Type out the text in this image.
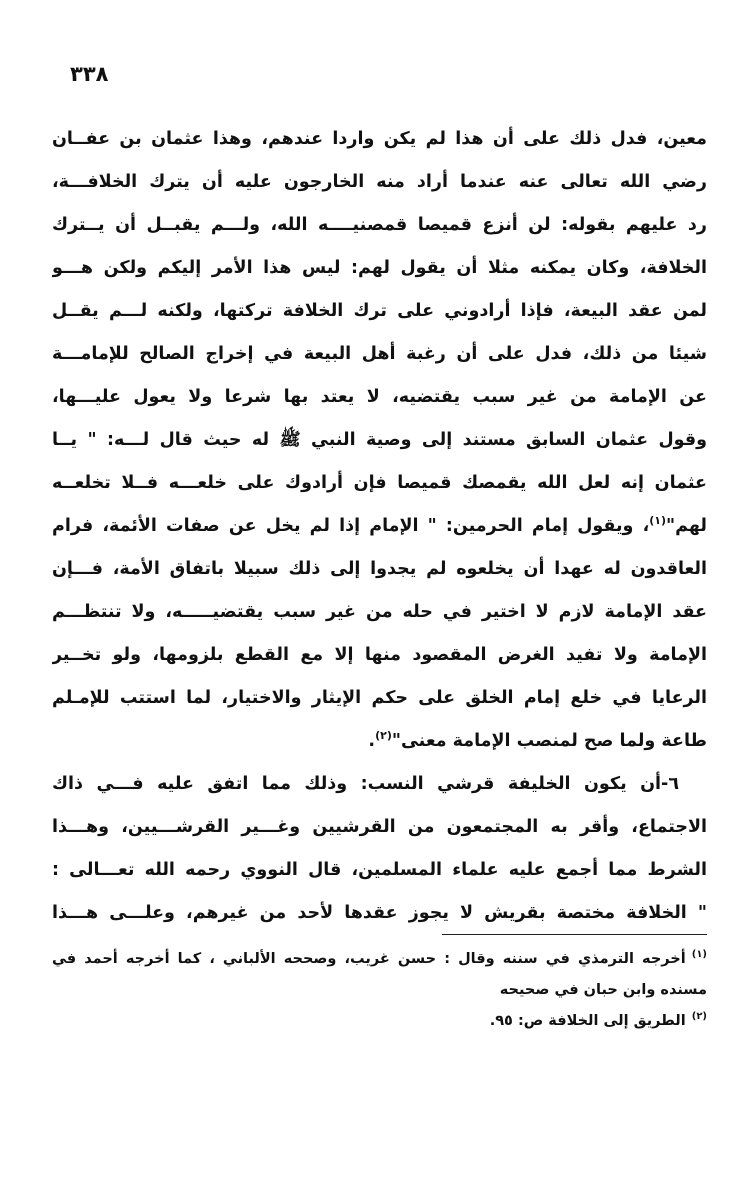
٣٣٨
معين، فدل ذلك على أن هذا لم يكن واردا عندهم، وهذا عثمان بن عفــان
رضي الله تعالى عنه عندما أراد منه الخارجون عليه أن يترك الخلافـــة،
رد عليهم بقوله: لن أنزع قميصا قمصنيــــه الله، ولـــم يقبــل أن يــترك
الخلافة، وكان يمكنه مثلا أن يقول لهم: ليس هذا الأمر إليكم ولكن هـــو
لمن عقد البيعة، فإذا أرادوني على ترك الخلافة تركتها، ولكنه لـــم يقــل
شيئا من ذلك، فدل على أن رغبة أهل البيعة في إخراج الصالح للإمامـــة
عن الإمامة من غير سبب يقتضيه، لا يعتد بها شرعا ولا يعول عليـــها،
وقول عثمان السابق مستند إلى وصية النبي ﷺ له حيث قال لـــه: " يــا
عثمان إنه لعل الله يقمصك قميصا فإن أرادوك على خلعـــه فــلا تخلعــه
لهم"$^{(١)}$، ويقول إمام الحرمين: " الإمام إذا لم يخل عن صفات الأئمة، فرام
العاقدون له عهدا أن يخلعوه لم يجدوا إلى ذلك سبيلا باتفاق الأمة، فـــإن
عقد الإمامة لازم لا اختير في حله من غير سبب يقتضيـــــه، ولا تنتظـــم
الإمامة ولا تفيد الغرض المقصود منها إلا مع القطع بلزومها، ولو تخــير
الرعايا في خلع إمام الخلق على حكم الإيثار والاختيار، لما استتب للإمـلم
طاعة ولما صح لمنصب الإمامة معنى"$^{(٢)}$.
٦-أن يكون الخليفة قرشي النسب: وذلك مما اتفق عليه فـــي ذاك
الاجتماع، وأقر به المجتمعون من القرشيين وغـــير القرشـــيين، وهـــذا
الشرط مما أجمع عليه علماء المسلمين، قال النووي رحمه الله تعـــالى :
" الخلافة مختصة بقريش لا يجوز عقدها لأحد من غيرهم، وعلـــى هـــذا
$^{(١)}$أخرجه الترمذي في سننه وقال : حسن غريب، وصححه الألباني ، كما أخرجه أحمد في
مسنده وابن حبان في صحيحه
$^{(٢)}$الطريق إلى الخلافة ص: ٩٥.
